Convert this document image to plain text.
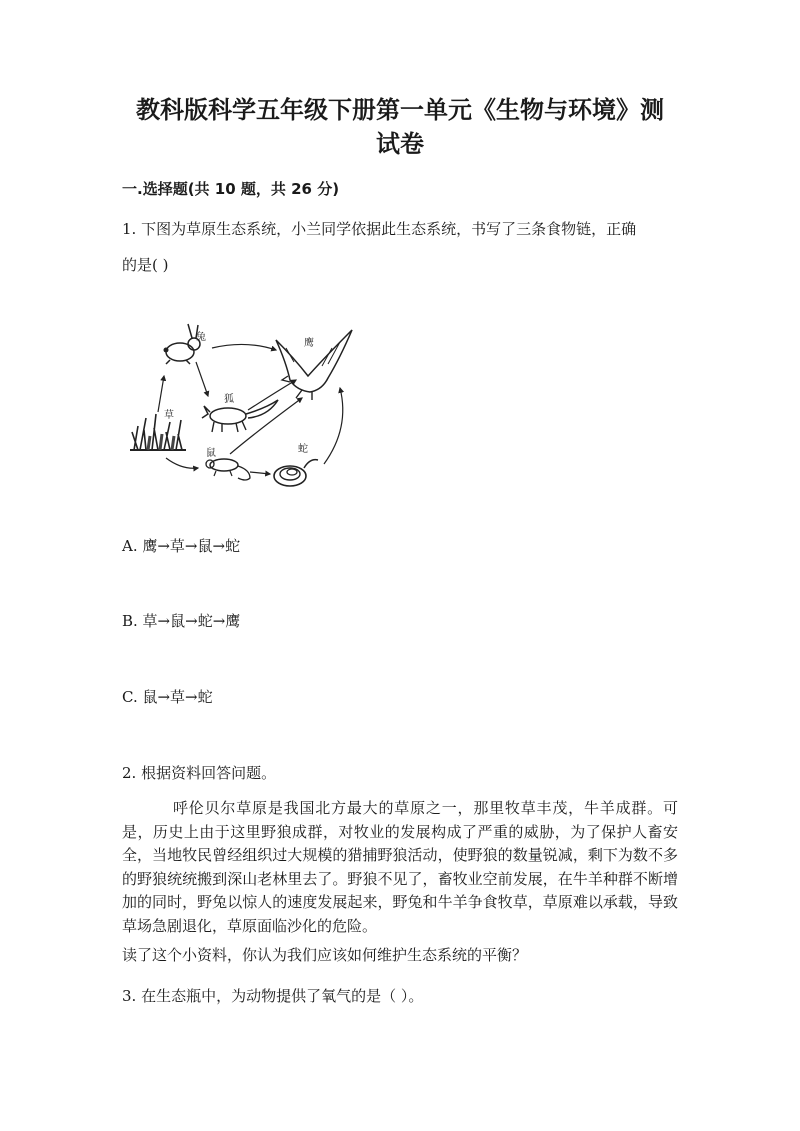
教科版科学五年级下册第一单元《生物与环境》测
试卷
一.选择题(共 10 题，共 26 分)
1. 下图为草原生态系统，小兰同学依据此生态系统，书写了三条食物链，正确
的是( )
草
兔
狐
鼠	蛇
鹰
A. 鹰→草→鼠→蛇
B. 草→鼠→蛇→鹰
C. 鼠→草→蛇
2. 根据资料回答问题。
呼伦贝尔草原是我国北方最大的草原之一，那里牧草丰茂，牛羊成群。可是，历史上由于这里野狼成群，对牧业的发展构成了严重的威胁，为了保护人畜安全，当地牧民曾经组织过大规模的猎捕野狼活动，使野狼的数量锐减，剩下为数不多的野狼统统搬到深山老林里去了。野狼不见了，畜牧业空前发展，在牛羊种群不断增加的同时，野兔以惊人的速度发展起来，野兔和牛羊争食牧草，草原难以承载，导致草场急剧退化，草原面临沙化的危险。
读了这个小资料，你认为我们应该如何维护生态系统的平衡？
3. 在生态瓶中，为动物提供了氧气的是（ ）。
